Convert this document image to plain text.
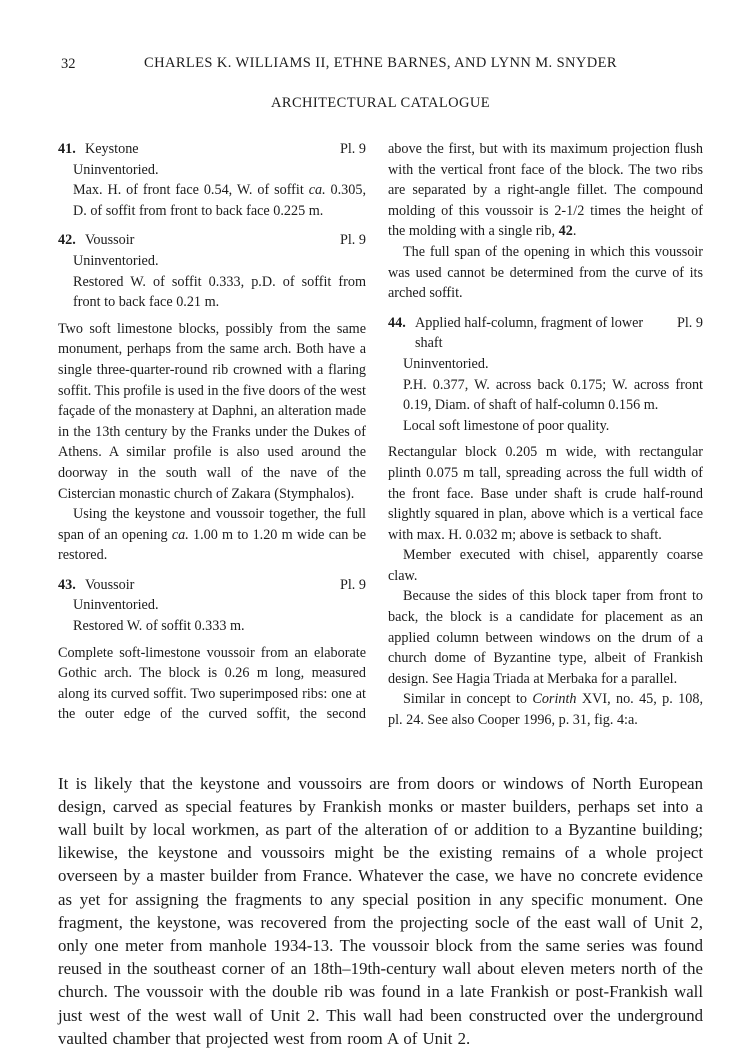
32	CHARLES K. WILLIAMS II, ETHNE BARNES, AND LYNN M. SNYDER
ARCHITECTURAL CATALOGUE
41. Keystone	Pl. 9

Uninventoried.

Max. H. of front face 0.54, W. of soffit ca. 0.305, D. of soffit from front to back face 0.225 m.

42. Voussoir	Pl. 9

Uninventoried.

Restored W. of soffit 0.333, p.D. of soffit from front to back face 0.21 m.

Two soft limestone blocks, possibly from the same monument, perhaps from the same arch. Both have a single three-quarter-round rib crowned with a flaring soffit. This profile is used in the five doors of the west façade of the monastery at Daphni, an alteration made in the 13th century by the Franks under the Dukes of Athens. A similar profile is also used around the doorway in the south wall of the nave of the Cistercian monastic church of Zakara (Stymphalos).

Using the keystone and voussoir together, the full span of an opening ca. 1.00 m to 1.20 m wide can be restored.

43. Voussoir	Pl. 9

Uninventoried.

Restored W. of soffit 0.333 m.

Complete soft-limestone voussoir from an elaborate Gothic arch. The block is 0.26 m long, measured along its curved soffit. Two superimposed ribs: one at the outer edge of the curved soffit, the second

above the first, but with its maximum projection flush with the vertical front face of the block. The two ribs are separated by a right-angle fillet. The compound molding of this voussoir is 2-1/2 times the height of the molding with a single rib, 42.

The full span of the opening in which this voussoir was used cannot be determined from the curve of its arched soffit.

44. Applied half-column, fragment of lower shaft
Pl. 9

Uninventoried.

P.H. 0.377, W. across back 0.175; W. across front 0.19, Diam. of shaft of half-column 0.156 m.

Local soft limestone of poor quality.

Rectangular block 0.205 m wide, with rectangular plinth 0.075 m tall, spreading across the full width of the front face. Base under shaft is crude half-round slightly squared in plan, above which is a vertical face with max. H. 0.032 m; above is setback to shaft.

Member executed with chisel, apparently coarse claw.

Because the sides of this block taper from front to back, the block is a candidate for placement as an applied column between windows on the drum of a church dome of Byzantine type, albeit of Frankish design. See Hagia Triada at Merbaka for a parallel.

Similar in concept to Corinth XVI, no. 45, p. 108, pl. 24. See also Cooper 1996, p. 31, fig. 4:a.

It is likely that the keystone and voussoirs are from doors or windows of North European design, carved as special features by Frankish monks or master builders, perhaps set into a wall built by local workmen, as part of the alteration of or addition to a Byzantine building; likewise, the keystone and voussoirs might be the existing remains of a whole project overseen by a master builder from France. Whatever the case, we have no concrete evidence as yet for assigning the fragments to any special position in any specific monument. One fragment, the keystone, was recovered from the projecting socle of the east wall of Unit 2, only one meter from manhole 1934-13. The voussoir block from the same series was found reused in the southeast corner of an 18th–19th-century wall about eleven meters north of the church. The voussoir with the double rib was found in a late Frankish or post-Frankish wall just west of the west wall of Unit 2. This wall had been constructed over the underground vaulted chamber that projected west from room A of Unit 2.
